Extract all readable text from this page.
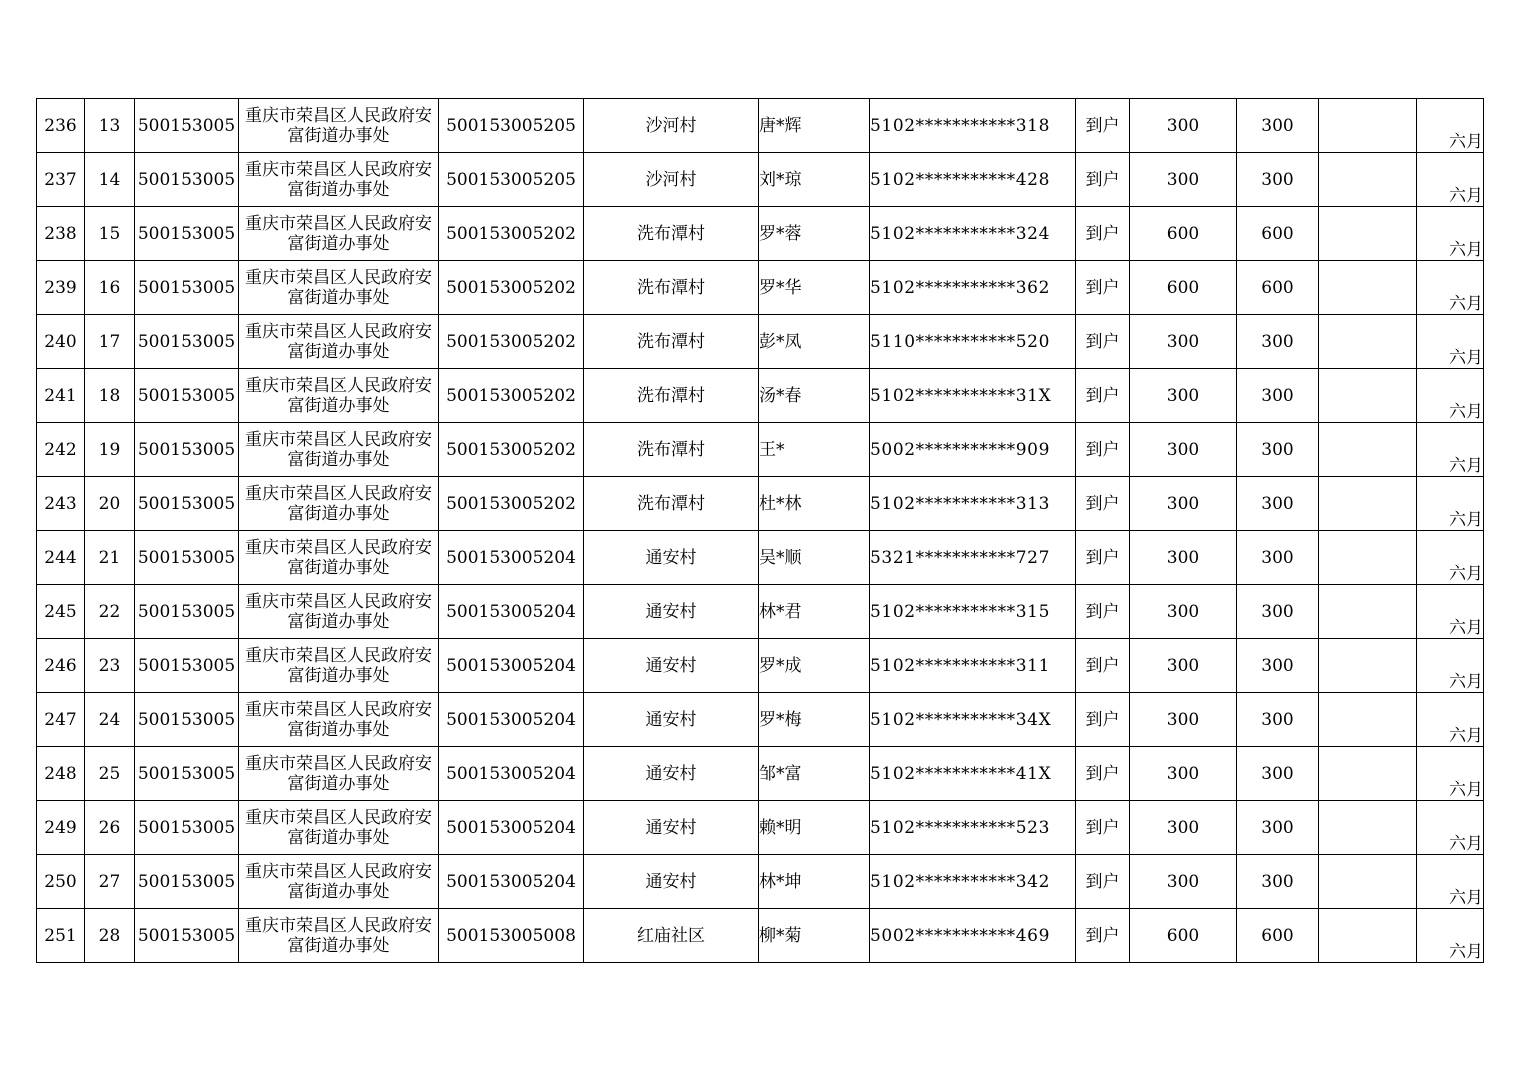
236	13	500153005	重庆市荣昌区人民政府安
富街道办事处	500153005205	沙河村	唐*辉	5102***********318	到户	300	300		六月
237	14	500153005	重庆市荣昌区人民政府安
富街道办事处	500153005205	沙河村	刘*琼	5102***********428	到户	300	300		六月
238	15	500153005	重庆市荣昌区人民政府安
富街道办事处	500153005202	洗布潭村	罗*蓉	5102***********324	到户	600	600		六月
239	16	500153005	重庆市荣昌区人民政府安
富街道办事处	500153005202	洗布潭村	罗*华	5102***********362	到户	600	600		六月
240	17	500153005	重庆市荣昌区人民政府安
富街道办事处	500153005202	洗布潭村	彭*凤	5110***********520	到户	300	300		六月
241	18	500153005	重庆市荣昌区人民政府安
富街道办事处	500153005202	洗布潭村	汤*春	5102***********31X	到户	300	300		六月
242	19	500153005	重庆市荣昌区人民政府安
富街道办事处	500153005202	洗布潭村	王*	5002***********909	到户	300	300		六月
243	20	500153005	重庆市荣昌区人民政府安
富街道办事处	500153005202	洗布潭村	杜*林	5102***********313	到户	300	300		六月
244	21	500153005	重庆市荣昌区人民政府安
富街道办事处	500153005204	通安村	吴*顺	5321***********727	到户	300	300		六月
245	22	500153005	重庆市荣昌区人民政府安
富街道办事处	500153005204	通安村	林*君	5102***********315	到户	300	300		六月
246	23	500153005	重庆市荣昌区人民政府安
富街道办事处	500153005204	通安村	罗*成	5102***********311	到户	300	300		六月
247	24	500153005	重庆市荣昌区人民政府安
富街道办事处	500153005204	通安村	罗*梅	5102***********34X	到户	300	300		六月
248	25	500153005	重庆市荣昌区人民政府安
富街道办事处	500153005204	通安村	邹*富	5102***********41X	到户	300	300		六月
249	26	500153005	重庆市荣昌区人民政府安
富街道办事处	500153005204	通安村	赖*明	5102***********523	到户	300	300		六月
250	27	500153005	重庆市荣昌区人民政府安
富街道办事处	500153005204	通安村	林*坤	5102***********342	到户	300	300		六月
251	28	500153005	重庆市荣昌区人民政府安
富街道办事处	500153005008	红庙社区	柳*菊	5002***********469	到户	600	600		六月
